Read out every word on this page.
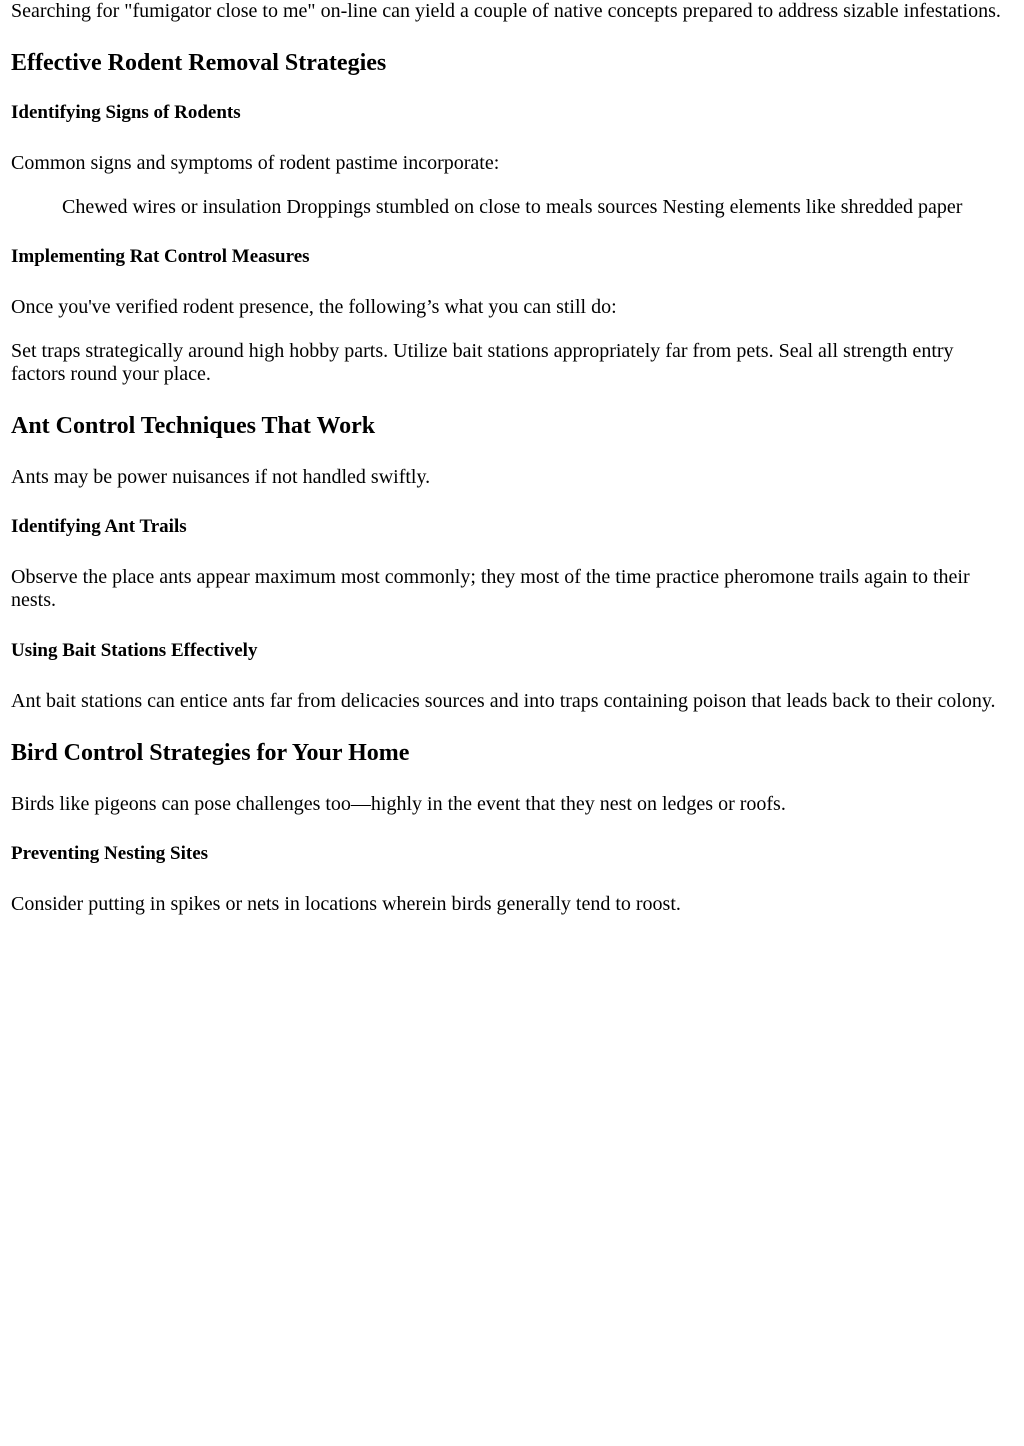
Searching for "fumigator close to me" on-line can yield a couple of native concepts prepared to address sizable infestations.

Effective Rodent Removal Strategies
Identifying Signs of Rodents

Common signs and symptoms of rodent pastime incorporate:

Chewed wires or insulation Droppings stumbled on close to meals sources Nesting elements like shredded paper
Implementing Rat Control Measures

Once you've verified rodent presence, the following’s what you can still do:

Set traps strategically around high hobby parts. Utilize bait stations appropriately far from pets. Seal all strength entry factors round your place.

Ant Control Techniques That Work

Ants may be power nuisances if not handled swiftly.

Identifying Ant Trails

Observe the place ants appear maximum most commonly; they most of the time practice pheromone trails again to their nests.

Using Bait Stations Effectively

Ant bait stations can entice ants far from delicacies sources and into traps containing poison that leads back to their colony.

Bird Control Strategies for Your Home

Birds like pigeons can pose challenges too—highly in the event that they nest on ledges or roofs.

Preventing Nesting Sites

Consider putting in spikes or nets in locations wherein birds generally tend to roost.
